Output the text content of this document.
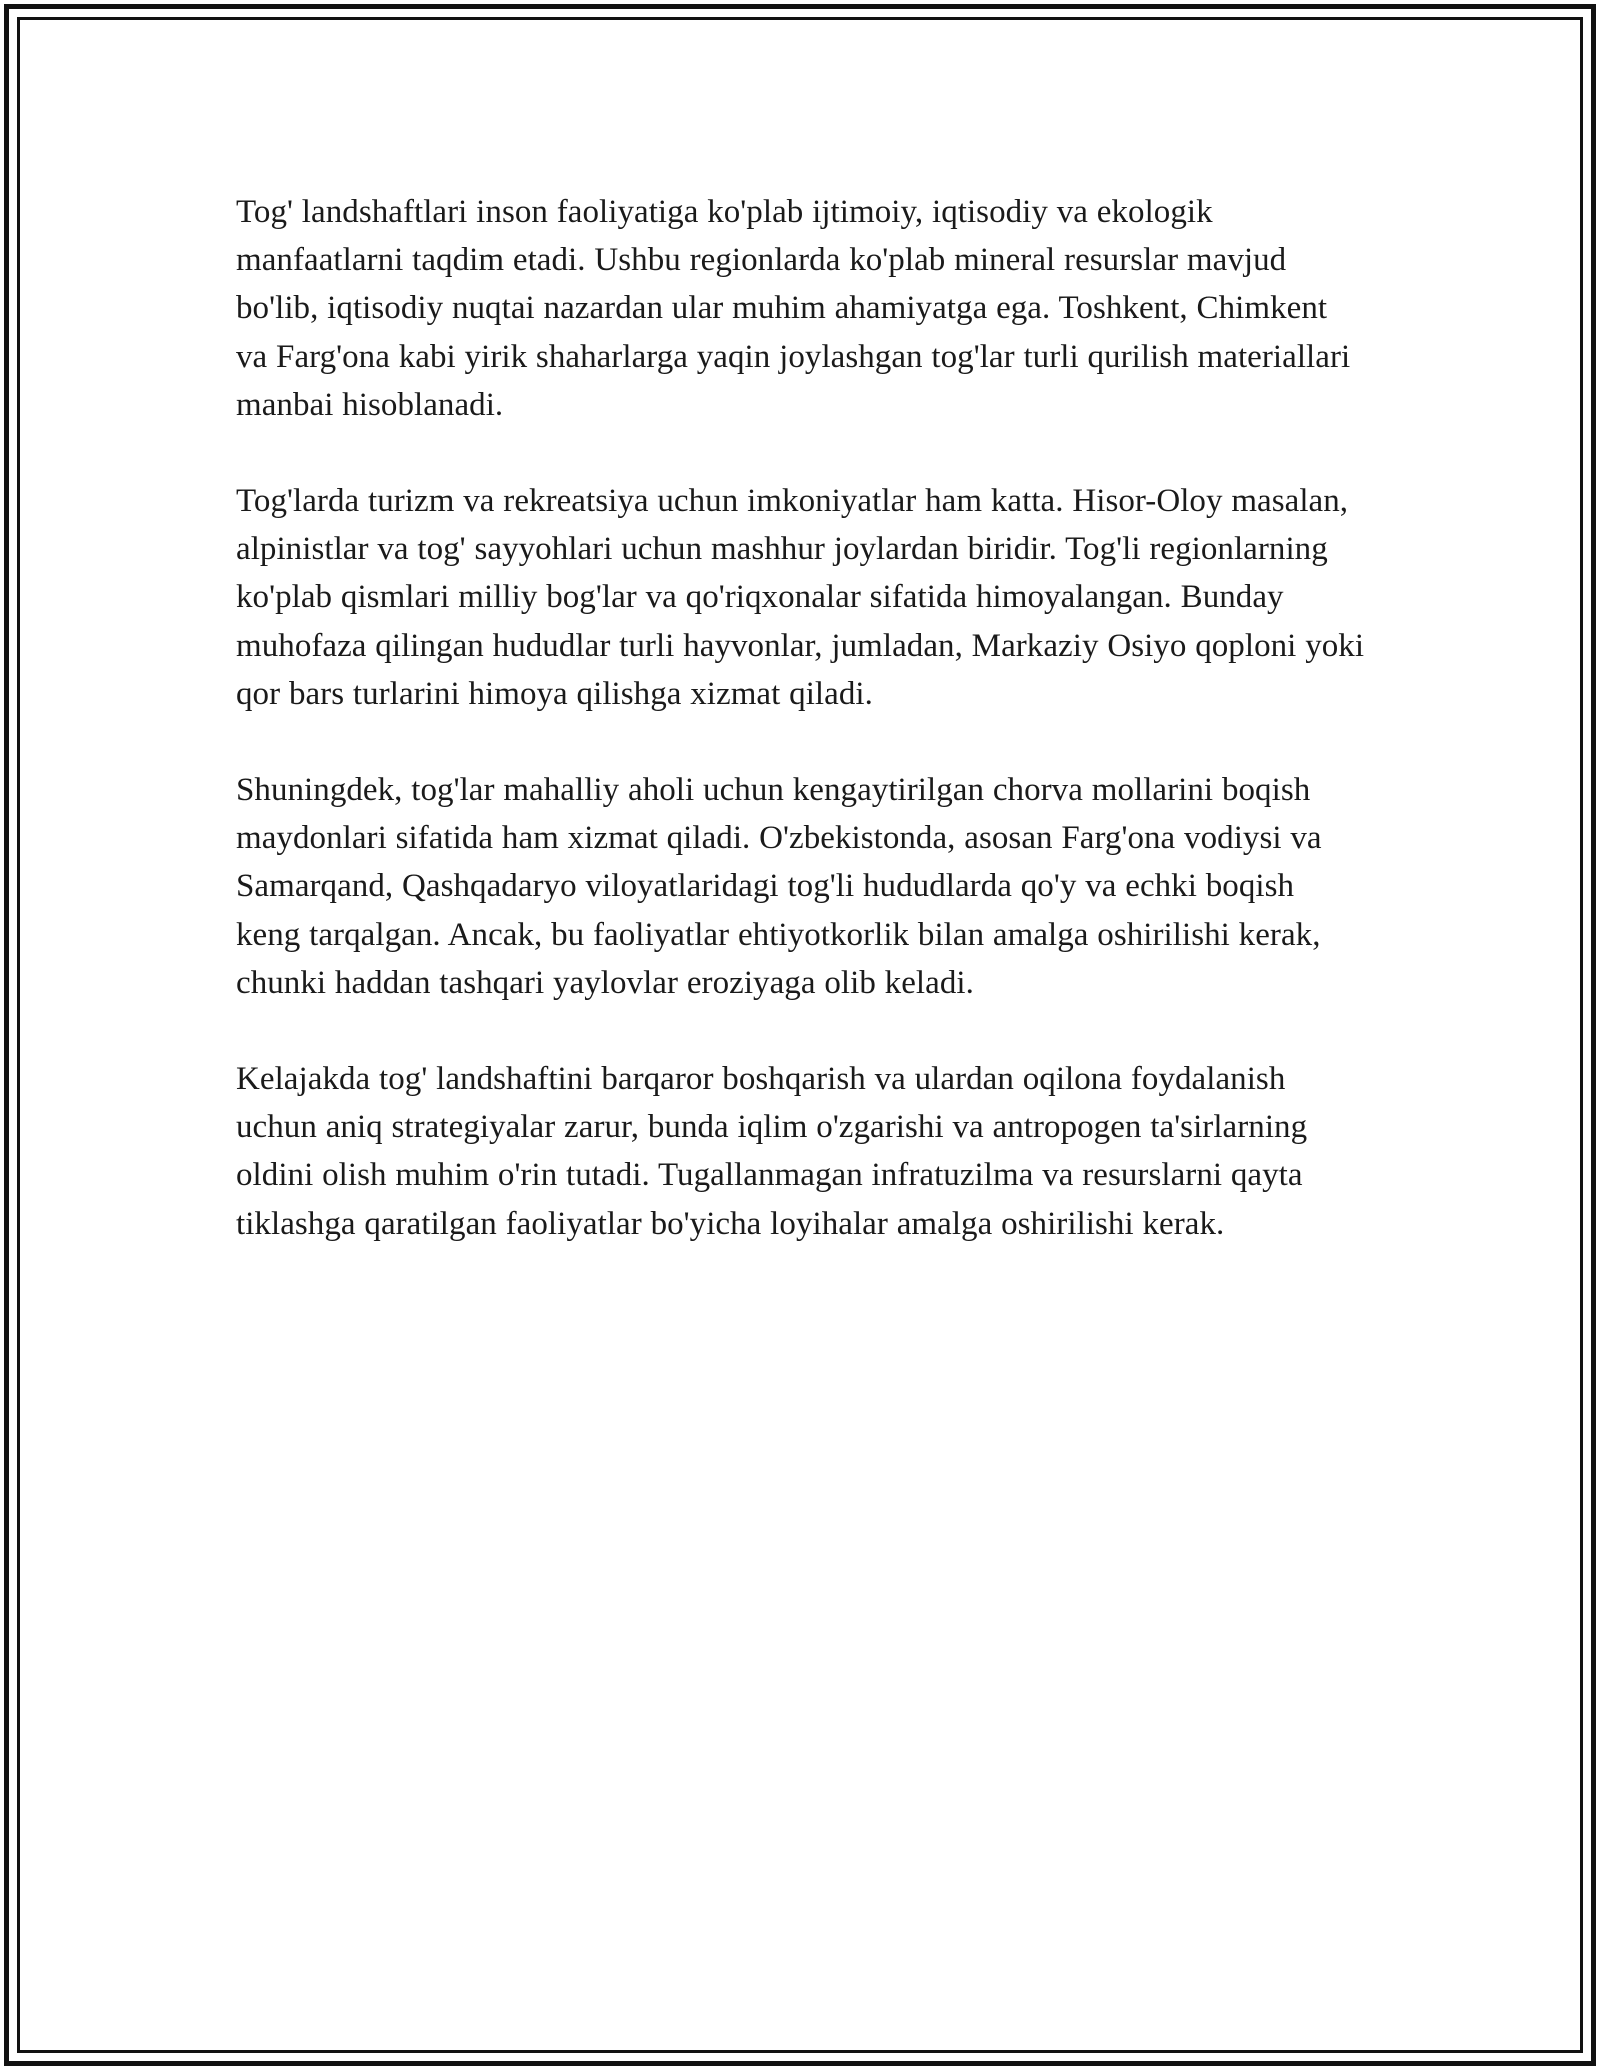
Tog' landshaftlari inson faoliyatiga ko'plab ijtimoiy, iqtisodiy va ekologik manfaatlarni taqdim etadi. Ushbu regionlarda ko'plab mineral resurslar mavjud bo'lib, iqtisodiy nuqtai nazardan ular muhim ahamiyatga ega. Toshkent, Chimkent va Farg'ona kabi yirik shaharlarga yaqin joylashgan tog'lar turli qurilish materiallari manbai hisoblanadi.

Tog'larda turizm va rekreatsiya uchun imkoniyatlar ham katta. Hisor-Oloy masalan, alpinistlar va tog' sayyohlari uchun mashhur joylardan biridir. Tog'li regionlarning ko'plab qismlari milliy bog'lar va qo'riqxonalar sifatida himoyalangan. Bunday muhofaza qilingan hududlar turli hayvonlar, jumladan, Markaziy Osiyo qoploni yoki qor bars turlarini himoya qilishga xizmat qiladi.

Shuningdek, tog'lar mahalliy aholi uchun kengaytirilgan chorva mollarini boqish maydonlari sifatida ham xizmat qiladi. O'zbekistonda, asosan Farg'ona vodiysi va Samarqand, Qashqadaryo viloyatlaridagi tog'li hududlarda qo'y va echki boqish keng tarqalgan. Ancak, bu faoliyatlar ehtiyotkorlik bilan amalga oshirilishi kerak, chunki haddan tashqari yaylovlar eroziyaga olib keladi.

Kelajakda tog' landshaftini barqaror boshqarish va ulardan oqilona foydalanish uchun aniq strategiyalar zarur, bunda iqlim o'zgarishi va antropogen ta'sirlarning oldini olish muhim o'rin tutadi. Tugallanmagan infratuzilma va resurslarni qayta tiklashga qaratilgan faoliyatlar bo'yicha loyihalar amalga oshirilishi kerak.
